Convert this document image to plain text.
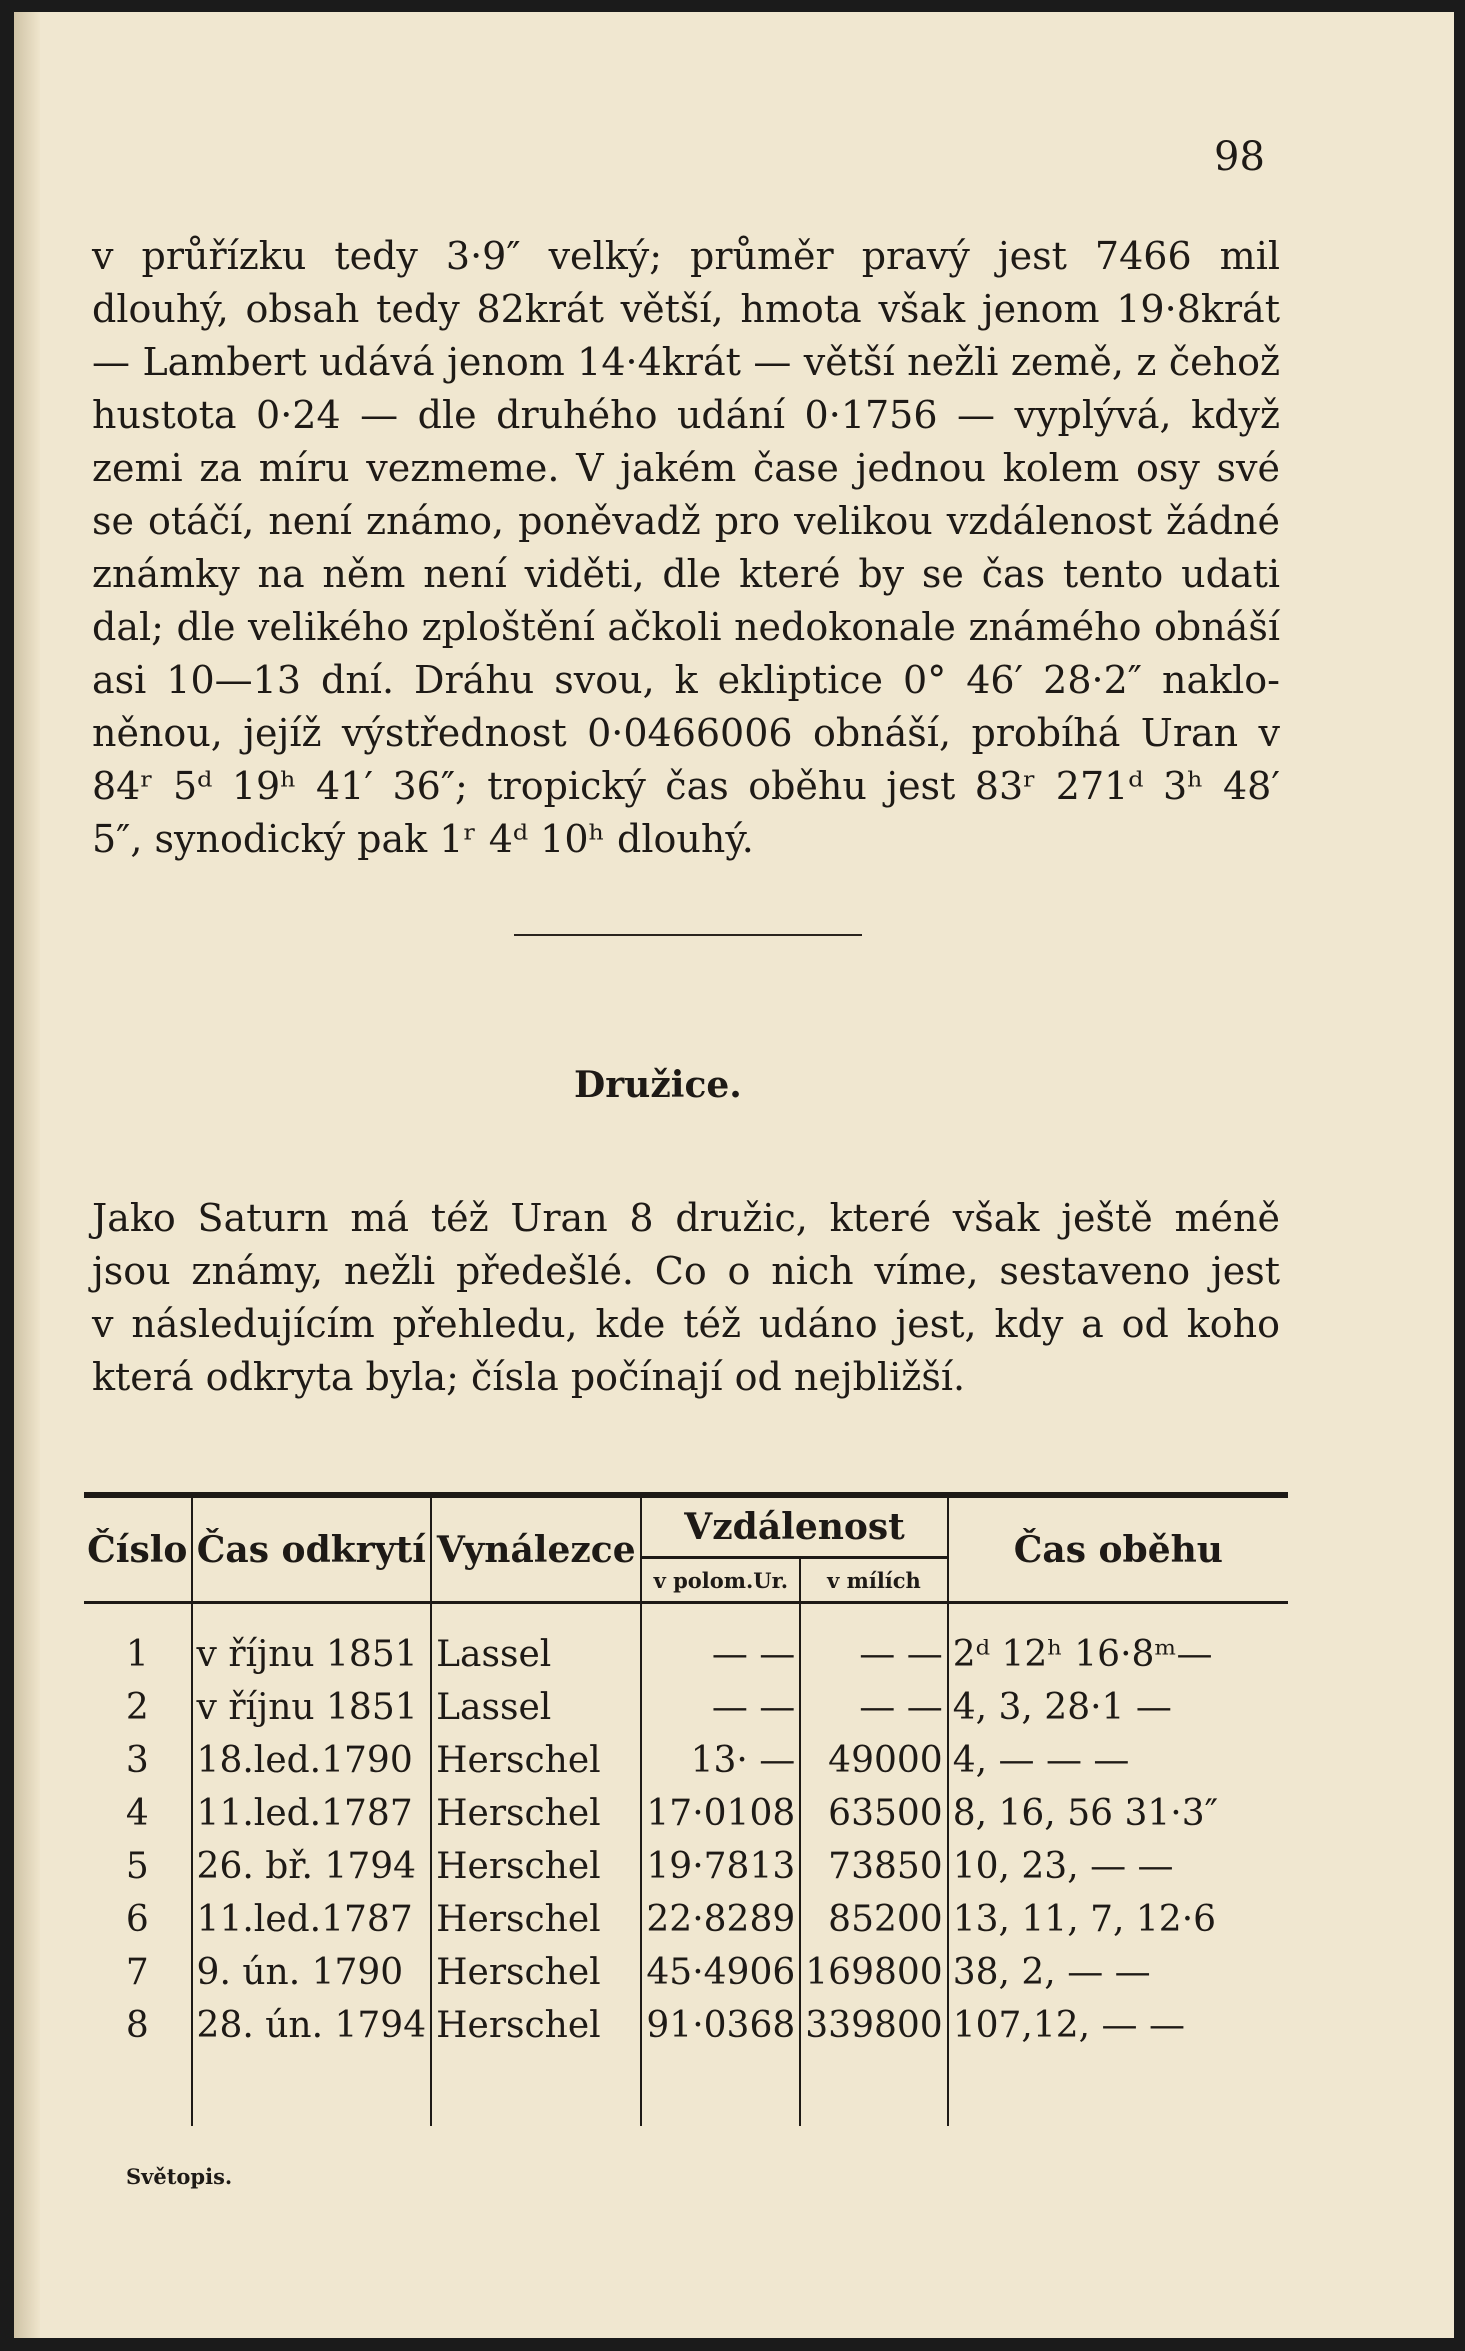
98

v průřízku tedy 3·9″ velký; průměr pravý jest 7466 mil
dlouhý, obsah tedy 82krát větší, hmota však jenom 19·8krát
— Lambert udává jenom 14·4krát — větší nežli země, z čehož
hustota 0·24 — dle druhého udání 0·1756 — vyplývá, když
zemi za míru vezmeme. V jakém čase jednou kolem osy své
se otáčí, není známo, poněvadž pro velikou vzdálenost žádné
známky na něm není viděti, dle které by se čas tento udati
dal; dle velikého zploštění ačkoli nedokonale známého obnáší
asi 10—13 dní. Dráhu svou, k ekliptice 0° 46′ 28·2″ naklo-
něnou, jejíž výstřednost 0·0466006 obnáší, probíhá Uran v
84ʳ 5ᵈ 19ʰ 41′ 36″; tropický čas oběhu jest 83ʳ 271ᵈ 3ʰ 48′
5″, synodický pak 1ʳ 4ᵈ 10ʰ dlouhý.

Družice.

Jako Saturn má též Uran 8 družic, které však ještě méně
jsou známy, nežli předešlé. Co o nich víme, sestaveno jest
v následujícím přehledu, kde též udáno jest, kdy a od koho
která odkryta byla; čísla počínají od nejbližší.

Číslo	Čas odkrytí	Vynálezce	Vzdálenost		Čas oběhu
			v polom.Ur.	v mílích	

1	v říjnu 1851	Lassel	— —	— —	2ᵈ 12ʰ 16·8ᵐ—
2	v říjnu 1851	Lassel	— —	— —	4, 3, 28·1 —
3	18.led.1790	Herschel	13· —	49000	4, — — —
4	11.led.1787	Herschel	17·0108	63500	8, 16, 56 31·3″
5	26. bř. 1794	Herschel	19·7813	73850	10, 23, — —
6	11.led.1787	Herschel	22·8289	85200	13, 11, 7, 12·6
7	9. ún. 1790	Herschel	45·4906	169800	38, 2, — —
8	28. ún. 1794	Herschel	91·0368	339800	107,12, — —

Světopis.
